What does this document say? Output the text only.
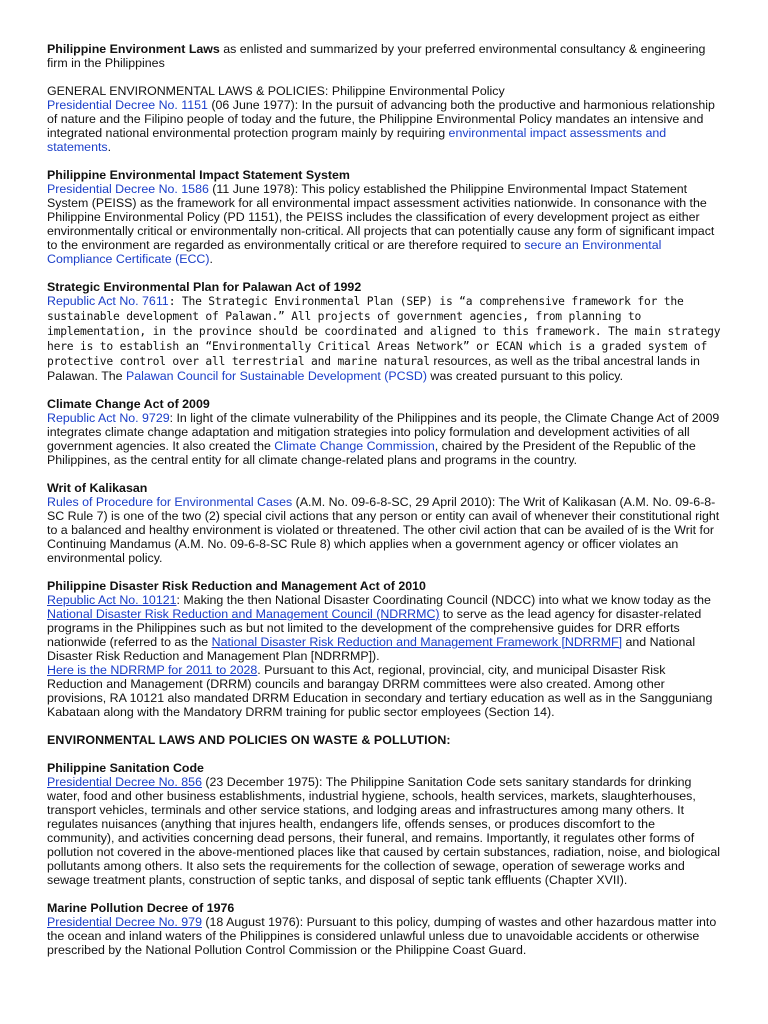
Philippine Environment Laws as enlisted and summarized by your preferred environmental consultancy & engineering firm in the Philippines

GENERAL ENVIRONMENTAL LAWS & POLICIES: Philippine Environmental Policy

Presidential Decree No. 1151 (06 June 1977): In the pursuit of advancing both the productive and harmonious relationship of nature and the Filipino people of today and the future, the Philippine Environmental Policy mandates an intensive and integrated national environmental protection program mainly by requiring environmental impact assessments and statements.

Philippine Environmental Impact Statement System

Presidential Decree No. 1586 (11 June 1978): This policy established the Philippine Environmental Impact Statement System (PEISS) as the framework for all environmental impact assessment activities nationwide. In consonance with the Philippine Environmental Policy (PD 1151), the PEISS includes the classification of every development project as either environmentally critical or environmentally non-critical. All projects that can potentially cause any form of significant impact to the environment are regarded as environmentally critical or are therefore required to secure an Environmental Compliance Certificate (ECC).

Strategic Environmental Plan for Palawan Act of 1992

Republic Act No. 7611: The Strategic Environmental Plan (SEP) is “a comprehensive framework for the sustainable development of Palawan.” All projects of government agencies, from planning to implementation, in the province should be coordinated and aligned to this framework. The main strategy here is to establish an “Environmentally Critical Areas Network” or ECAN which is a graded system of protective control over all terrestrial and marine natural resources, as well as the tribal ancestral lands in Palawan. The Palawan Council for Sustainable Development (PCSD) was created pursuant to this policy.

Climate Change Act of 2009

Republic Act No. 9729: In light of the climate vulnerability of the Philippines and its people, the Climate Change Act of 2009 integrates climate change adaptation and mitigation strategies into policy formulation and development activities of all government agencies. It also created the Climate Change Commission, chaired by the President of the Republic of the Philippines, as the central entity for all climate change-related plans and programs in the country.

Writ of Kalikasan

Rules of Procedure for Environmental Cases (A.M. No. 09-6-8-SC, 29 April 2010): The Writ of Kalikasan (A.M. No. 09-6-8-SC Rule 7) is one of the two (2) special civil actions that any person or entity can avail of whenever their constitutional right to a balanced and healthy environment is violated or threatened. The other civil action that can be availed of is the Writ for Continuing Mandamus (A.M. No. 09-6-8-SC Rule 8) which applies when a government agency or officer violates an environmental policy.

Philippine Disaster Risk Reduction and Management Act of 2010

Republic Act No. 10121: Making the then National Disaster Coordinating Council (NDCC) into what we know today as the National Disaster Risk Reduction and Management Council (NDRRMC) to serve as the lead agency for disaster-related programs in the Philippines such as but not limited to the development of the comprehensive guides for DRR efforts nationwide (referred to as the National Disaster Risk Reduction and Management Framework [NDRRMF] and National Disaster Risk Reduction and Management Plan [NDRRMP]).
Here is the NDRRMP for 2011 to 2028. Pursuant to this Act, regional, provincial, city, and municipal Disaster Risk Reduction and Management (DRRM) councils and barangay DRRM committees were also created. Among other provisions, RA 10121 also mandated DRRM Education in secondary and tertiary education as well as in the Sangguniang Kabataan along with the Mandatory DRRM training for public sector employees (Section 14).

ENVIRONMENTAL LAWS AND POLICIES ON WASTE & POLLUTION:

Philippine Sanitation Code

Presidential Decree No. 856 (23 December 1975): The Philippine Sanitation Code sets sanitary standards for drinking water, food and other business establishments, industrial hygiene, schools, health services, markets, slaughterhouses, transport vehicles, terminals and other service stations, and lodging areas and infrastructures among many others. It regulates nuisances (anything that injures health, endangers life, offends senses, or produces discomfort to the community), and activities concerning dead persons, their funeral, and remains. Importantly, it regulates other forms of pollution not covered in the above-mentioned places like that caused by certain substances, radiation, noise, and biological pollutants among others. It also sets the requirements for the collection of sewage, operation of sewerage works and sewage treatment plants, construction of septic tanks, and disposal of septic tank effluents (Chapter XVII).

Marine Pollution Decree of 1976

Presidential Decree No. 979 (18 August 1976): Pursuant to this policy, dumping of wastes and other hazardous matter into the ocean and inland waters of the Philippines is considered unlawful unless due to unavoidable accidents or otherwise prescribed by the National Pollution Control Commission or the Philippine Coast Guard.
